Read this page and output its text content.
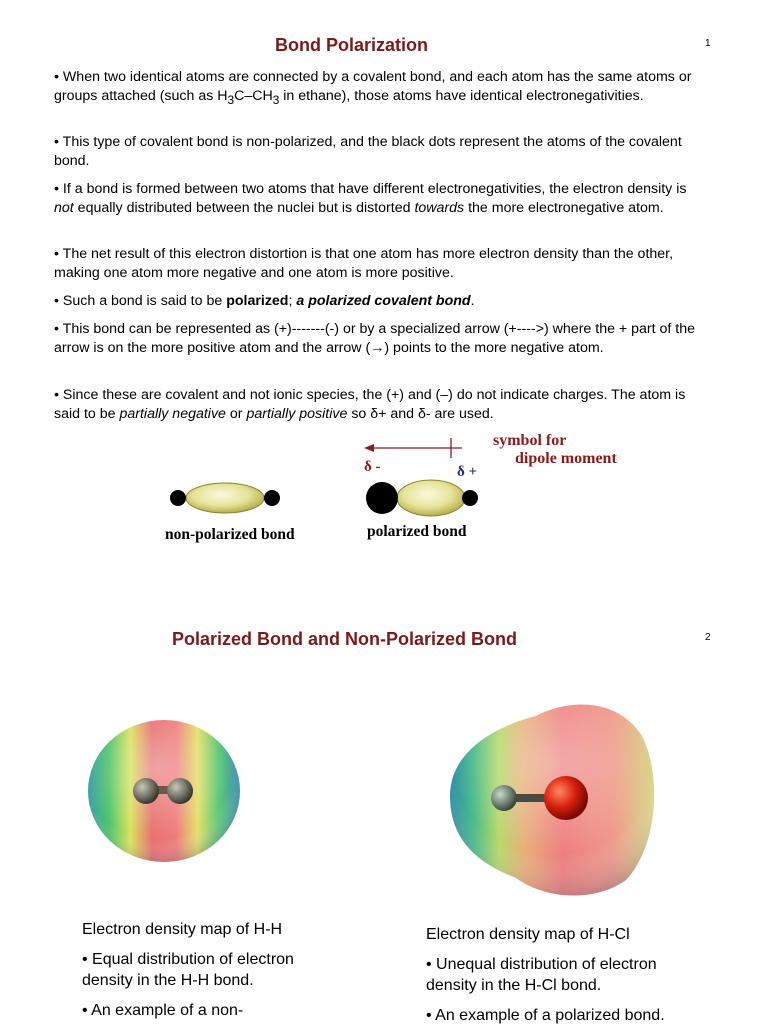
Bond Polarization	1

• When two identical atoms are connected by a covalent bond, and each atom has the same atoms or groups attached (such as $H_3C-CH_3$ in ethane), those atoms have identical electronegativities.

• This type of covalent bond is non-polarized, and the black dots represent the atoms of the covalent bond.

• If a bond is formed between two atoms that have different electronegativities, the electron density is not equally distributed between the nuclei but is distorted towards the more electronegative atom.

• The net result of this electron distortion is that one atom has more electron density than the other, making one atom more negative and one atom is more positive.

• Such a bond is said to be polarized; a polarized covalent bond.

• This bond can be represented as (+)-------(-) or by a specialized arrow (+---->) where the + part of the arrow is on the more positive atom and the arrow (→) points to the more negative atom.

• Since these are covalent and not ionic species, the (+) and (–) do not indicate charges. The atom is said to be partially negative or partially positive so δ+ and δ- are used.

δ -	δ +
symbol for
dipole moment
non-polarized bond	polarized bond
Polarized Bond and Non-Polarized Bond	2

Electron density map of H-H

• Equal distribution of electron density in the H-H bond.

• An example of a non-

Electron density map of H-Cl

• Unequal distribution of electron density in the H-Cl bond.

• An example of a polarized bond.
